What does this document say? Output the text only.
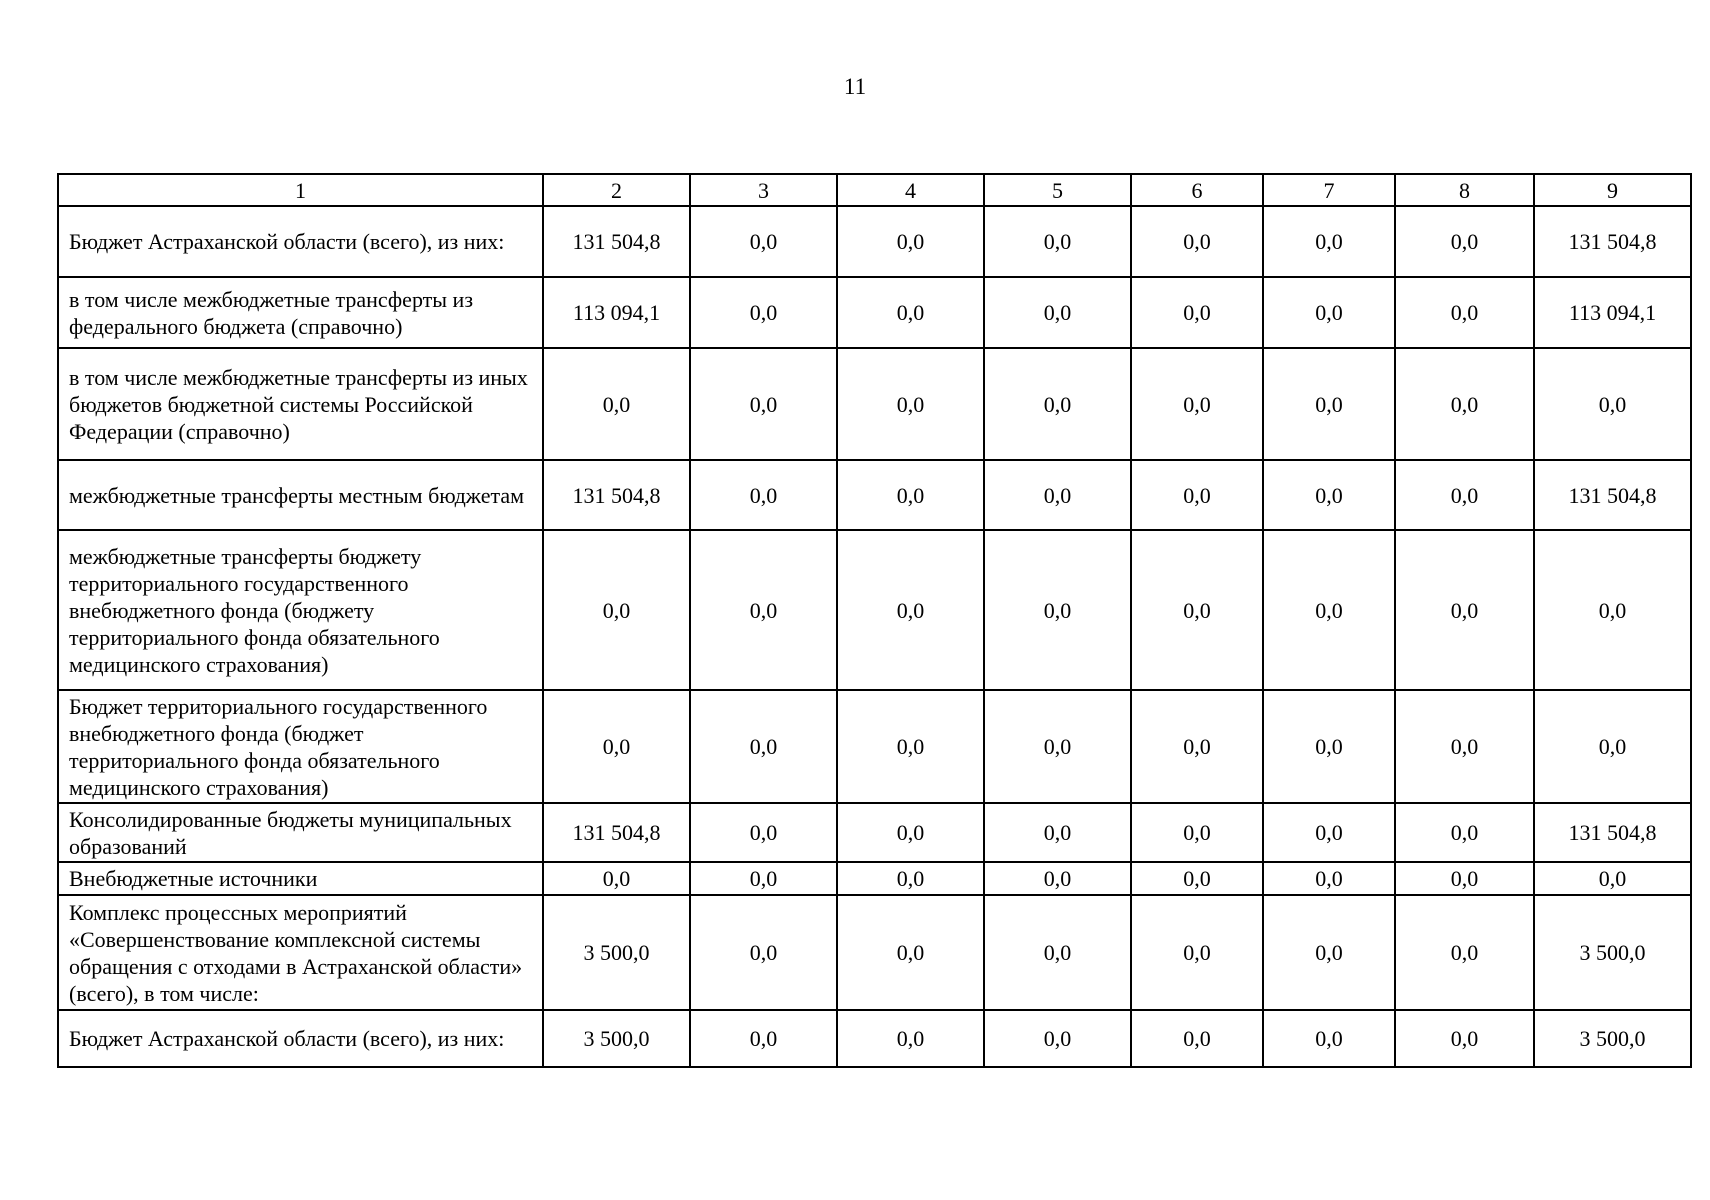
11
1	2	3	4	5	6	7	8	9
Бюджет Астраханской области (всего), из них:	131 504,8	0,0	0,0	0,0	0,0	0,0	0,0	131 504,8
в том числе межбюджетные трансферты из федерального бюджета (справочно)	113 094,1	0,0	0,0	0,0	0,0	0,0	0,0	113 094,1
в том числе межбюджетные трансферты из иных бюджетов бюджетной системы Российской Федерации (справочно)	0,0	0,0	0,0	0,0	0,0	0,0	0,0	0,0
межбюджетные трансферты местным бюджетам	131 504,8	0,0	0,0	0,0	0,0	0,0	0,0	131 504,8
межбюджетные трансферты бюджету территориального государственного внебюджетного фонда (бюджету территориального фонда обязательного медицинского страхования)	0,0	0,0	0,0	0,0	0,0	0,0	0,0	0,0
Бюджет территориального государственного внебюджетного фонда (бюджет территориального фонда обязательного медицинского страхования)	0,0	0,0	0,0	0,0	0,0	0,0	0,0	0,0
Консолидированные бюджеты муниципальных образований	131 504,8	0,0	0,0	0,0	0,0	0,0	0,0	131 504,8
Внебюджетные источники	0,0	0,0	0,0	0,0	0,0	0,0	0,0	0,0
Комплекс процессных мероприятий «Совершенствование комплексной системы обращения с отходами в Астраханской области» (всего), в том числе:	3 500,0	0,0	0,0	0,0	0,0	0,0	0,0	3 500,0
Бюджет Астраханской области (всего), из них:	3 500,0	0,0	0,0	0,0	0,0	0,0	0,0	3 500,0
